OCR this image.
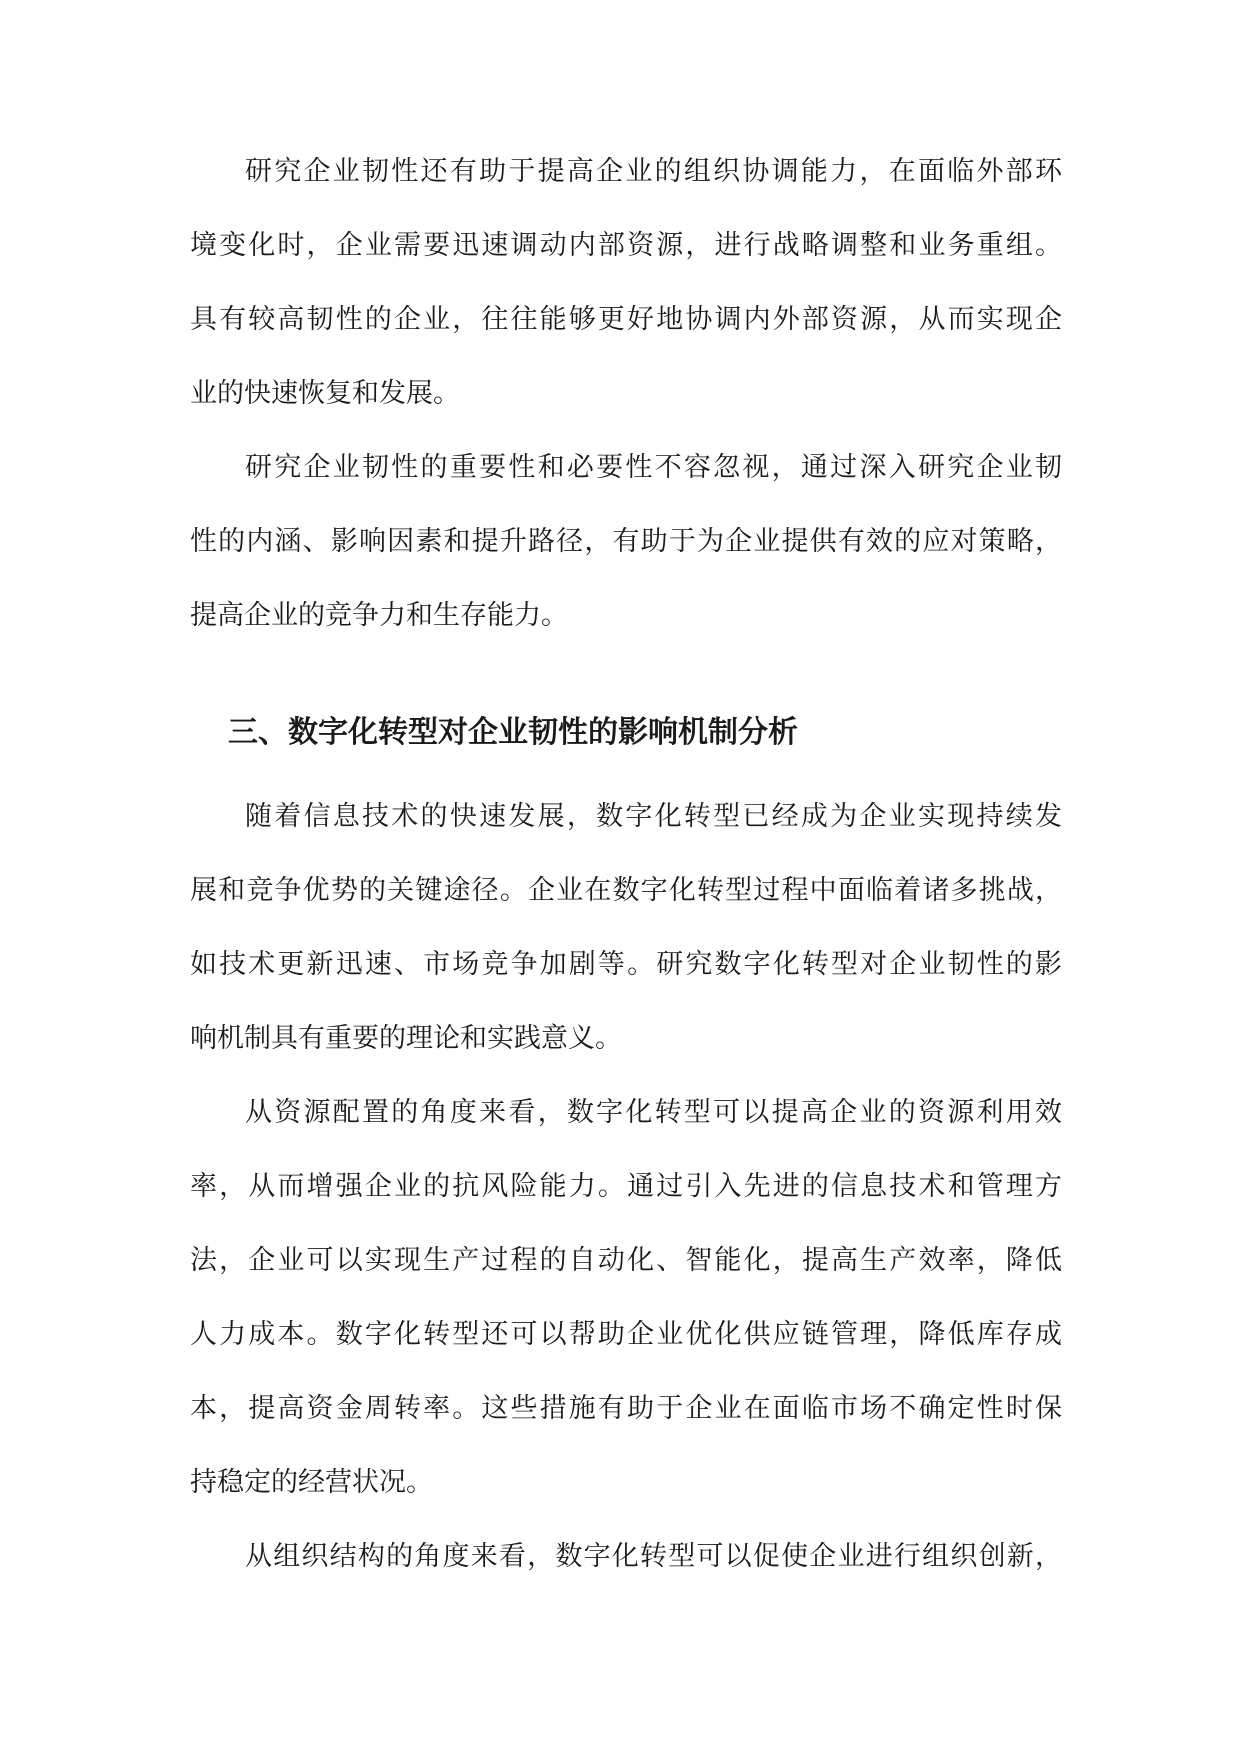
研究企业韧性还有助于提高企业的组织协调能力，在面临外部环
境变化时，企业需要迅速调动内部资源，进行战略调整和业务重组。
具有较高韧性的企业，往往能够更好地协调内外部资源，从而实现企
业的快速恢复和发展。
研究企业韧性的重要性和必要性不容忽视，通过深入研究企业韧
性的内涵、影响因素和提升路径，有助于为企业提供有效的应对策略，
提高企业的竞争力和生存能力。
三、数字化转型对企业韧性的影响机制分析
随着信息技术的快速发展，数字化转型已经成为企业实现持续发
展和竞争优势的关键途径。企业在数字化转型过程中面临着诸多挑战，
如技术更新迅速、市场竞争加剧等。研究数字化转型对企业韧性的影
响机制具有重要的理论和实践意义。
从资源配置的角度来看，数字化转型可以提高企业的资源利用效
率，从而增强企业的抗风险能力。通过引入先进的信息技术和管理方
法，企业可以实现生产过程的自动化、智能化，提高生产效率，降低
人力成本。数字化转型还可以帮助企业优化供应链管理，降低库存成
本，提高资金周转率。这些措施有助于企业在面临市场不确定性时保
持稳定的经营状况。
从组织结构的角度来看，数字化转型可以促使企业进行组织创新，
